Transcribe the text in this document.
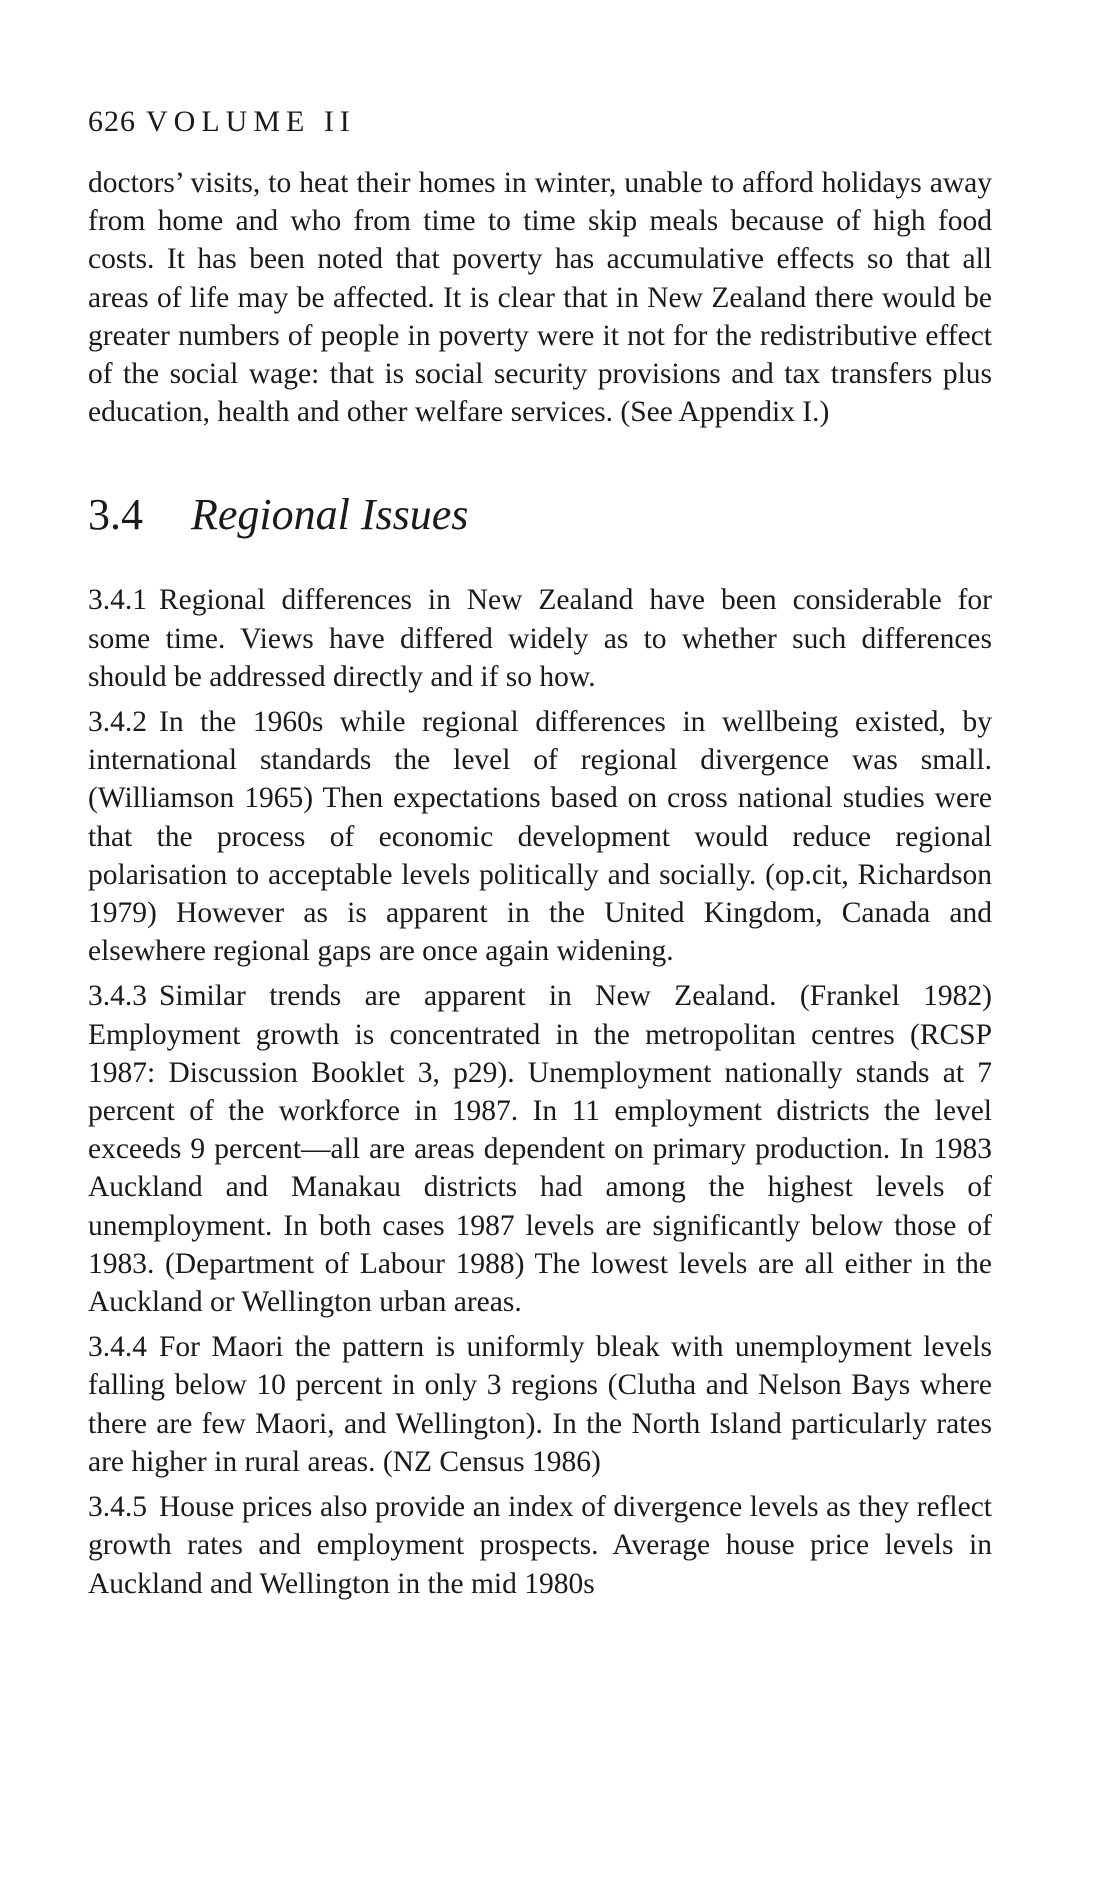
626 VOLUME II

doctors’ visits, to heat their homes in winter, unable to afford holidays away from home and who from time to time skip meals because of high food costs. It has been noted that poverty has accumulative effects so that all areas of life may be affected. It is clear that in New Zealand there would be greater numbers of people in poverty were it not for the redistributive effect of the social wage: that is social security provisions and tax transfers plus education, health and other welfare services. (See Appendix I.)

3.4 Regional Issues

3.4.1 Regional differences in New Zealand have been considerable for some time. Views have differed widely as to whether such differences should be addressed directly and if so how.

3.4.2 In the 1960s while regional differences in wellbeing existed, by international standards the level of regional divergence was small. (Williamson 1965) Then expectations based on cross national studies were that the process of economic development would reduce regional polarisation to acceptable levels politically and socially. (op.cit, Richardson 1979) However as is apparent in the United Kingdom, Canada and elsewhere regional gaps are once again widening.

3.4.3 Similar trends are apparent in New Zealand. (Frankel 1982) Employment growth is concentrated in the metropolitan centres (RCSP 1987: Discussion Booklet 3, p29). Unemployment nationally stands at 7 percent of the workforce in 1987. In 11 employment districts the level exceeds 9 percent—all are areas dependent on primary production. In 1983 Auckland and Manakau districts had among the highest levels of unemployment. In both cases 1987 levels are significantly below those of 1983. (Department of Labour 1988) The lowest levels are all either in the Auckland or Wellington urban areas.

3.4.4 For Maori the pattern is uniformly bleak with unemployment levels falling below 10 percent in only 3 regions (Clutha and Nelson Bays where there are few Maori, and Wellington). In the North Island particularly rates are higher in rural areas. (NZ Census 1986)

3.4.5 House prices also provide an index of divergence levels as they reflect growth rates and employment prospects. Average house price levels in Auckland and Wellington in the mid 1980s
